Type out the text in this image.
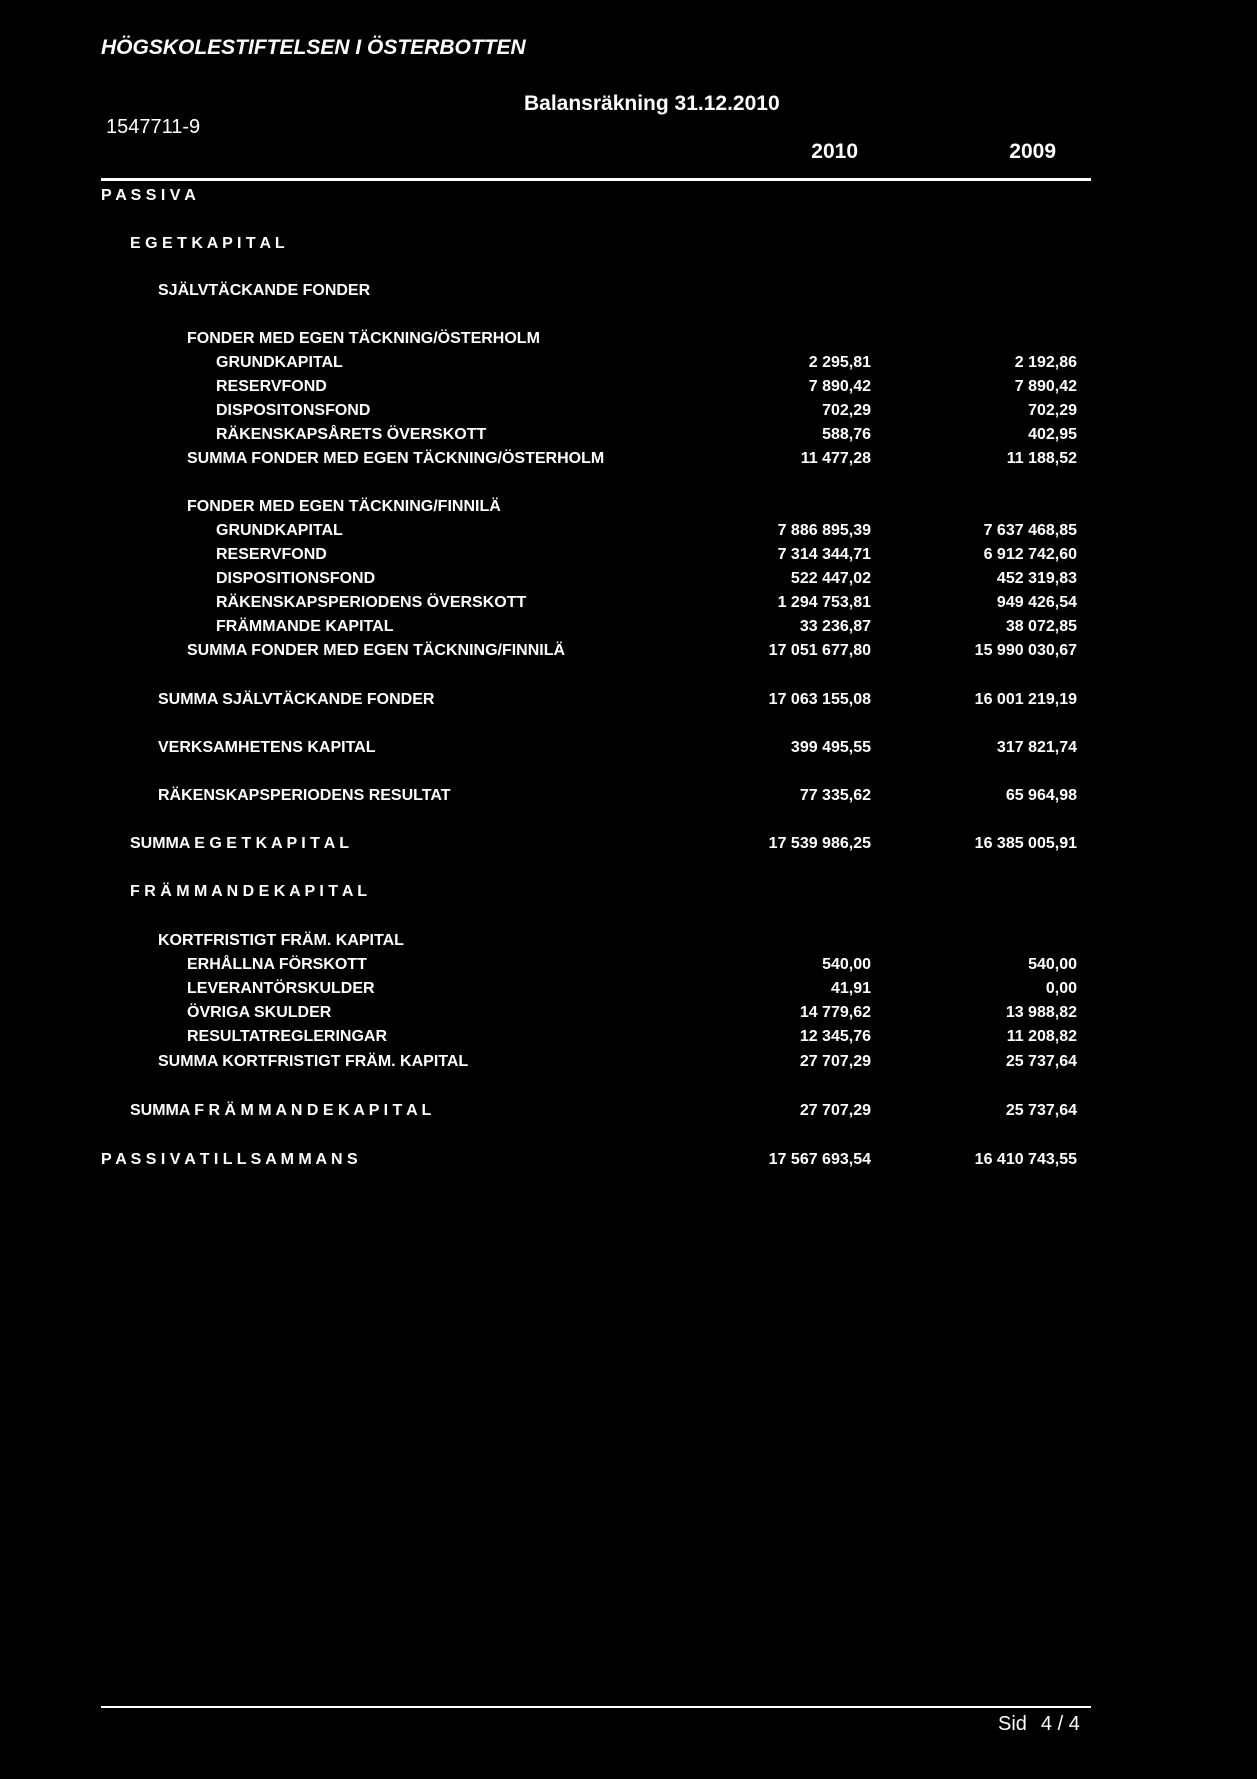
HÖGSKOLESTIFTELSEN I ÖSTERBOTTEN
Balansräkning 31.12.2010
1547711-9
2010	2009
P A S S I V A
E G E T K A P I T A L
SJÄLVTÄCKANDE FONDER
FONDER MED EGEN TÄCKNING/ÖSTERHOLM
GRUNDKAPITAL	2 295,81	2 192,86
RESERVFOND	7 890,42	7 890,42
DISPOSITONSFOND	702,29	702,29
RÄKENSKAPSÅRETS ÖVERSKOTT	588,76	402,95
SUMMA FONDER MED EGEN TÄCKNING/ÖSTERHOLM	11 477,28	11 188,52
FONDER MED EGEN TÄCKNING/FINNILÄ
GRUNDKAPITAL	7 886 895,39	7 637 468,85
RESERVFOND	7 314 344,71	6 912 742,60
DISPOSITIONSFOND	522 447,02	452 319,83
RÄKENSKAPSPERIODENS ÖVERSKOTT	1 294 753,81	949 426,54
FRÄMMANDE KAPITAL	33 236,87	38 072,85
SUMMA FONDER MED EGEN TÄCKNING/FINNILÄ	17 051 677,80	15 990 030,67
SUMMA SJÄLVTÄCKANDE FONDER	17 063 155,08	16 001 219,19
VERKSAMHETENS KAPITAL	399 495,55	317 821,74
RÄKENSKAPSPERIODENS RESULTAT	77 335,62	65 964,98
SUMMA E G E T K A P I T A L	17 539 986,25	16 385 005,91
F R Ä M M A N D E K A P I T A L
KORTFRISTIGT FRÄM. KAPITAL
ERHÅLLNA FÖRSKOTT	540,00	540,00
LEVERANTÖRSKULDER	41,91	0,00
ÖVRIGA SKULDER	14 779,62	13 988,82
RESULTATREGLERINGAR	12 345,76	11 208,82
SUMMA KORTFRISTIGT FRÄM. KAPITAL	27 707,29	25 737,64
SUMMA F R Ä M M A N D E K A P I T A L	27 707,29	25 737,64
P A S S I V A T I L L S A M M A N S	17 567 693,54	16 410 743,55
Sid 4 / 4
